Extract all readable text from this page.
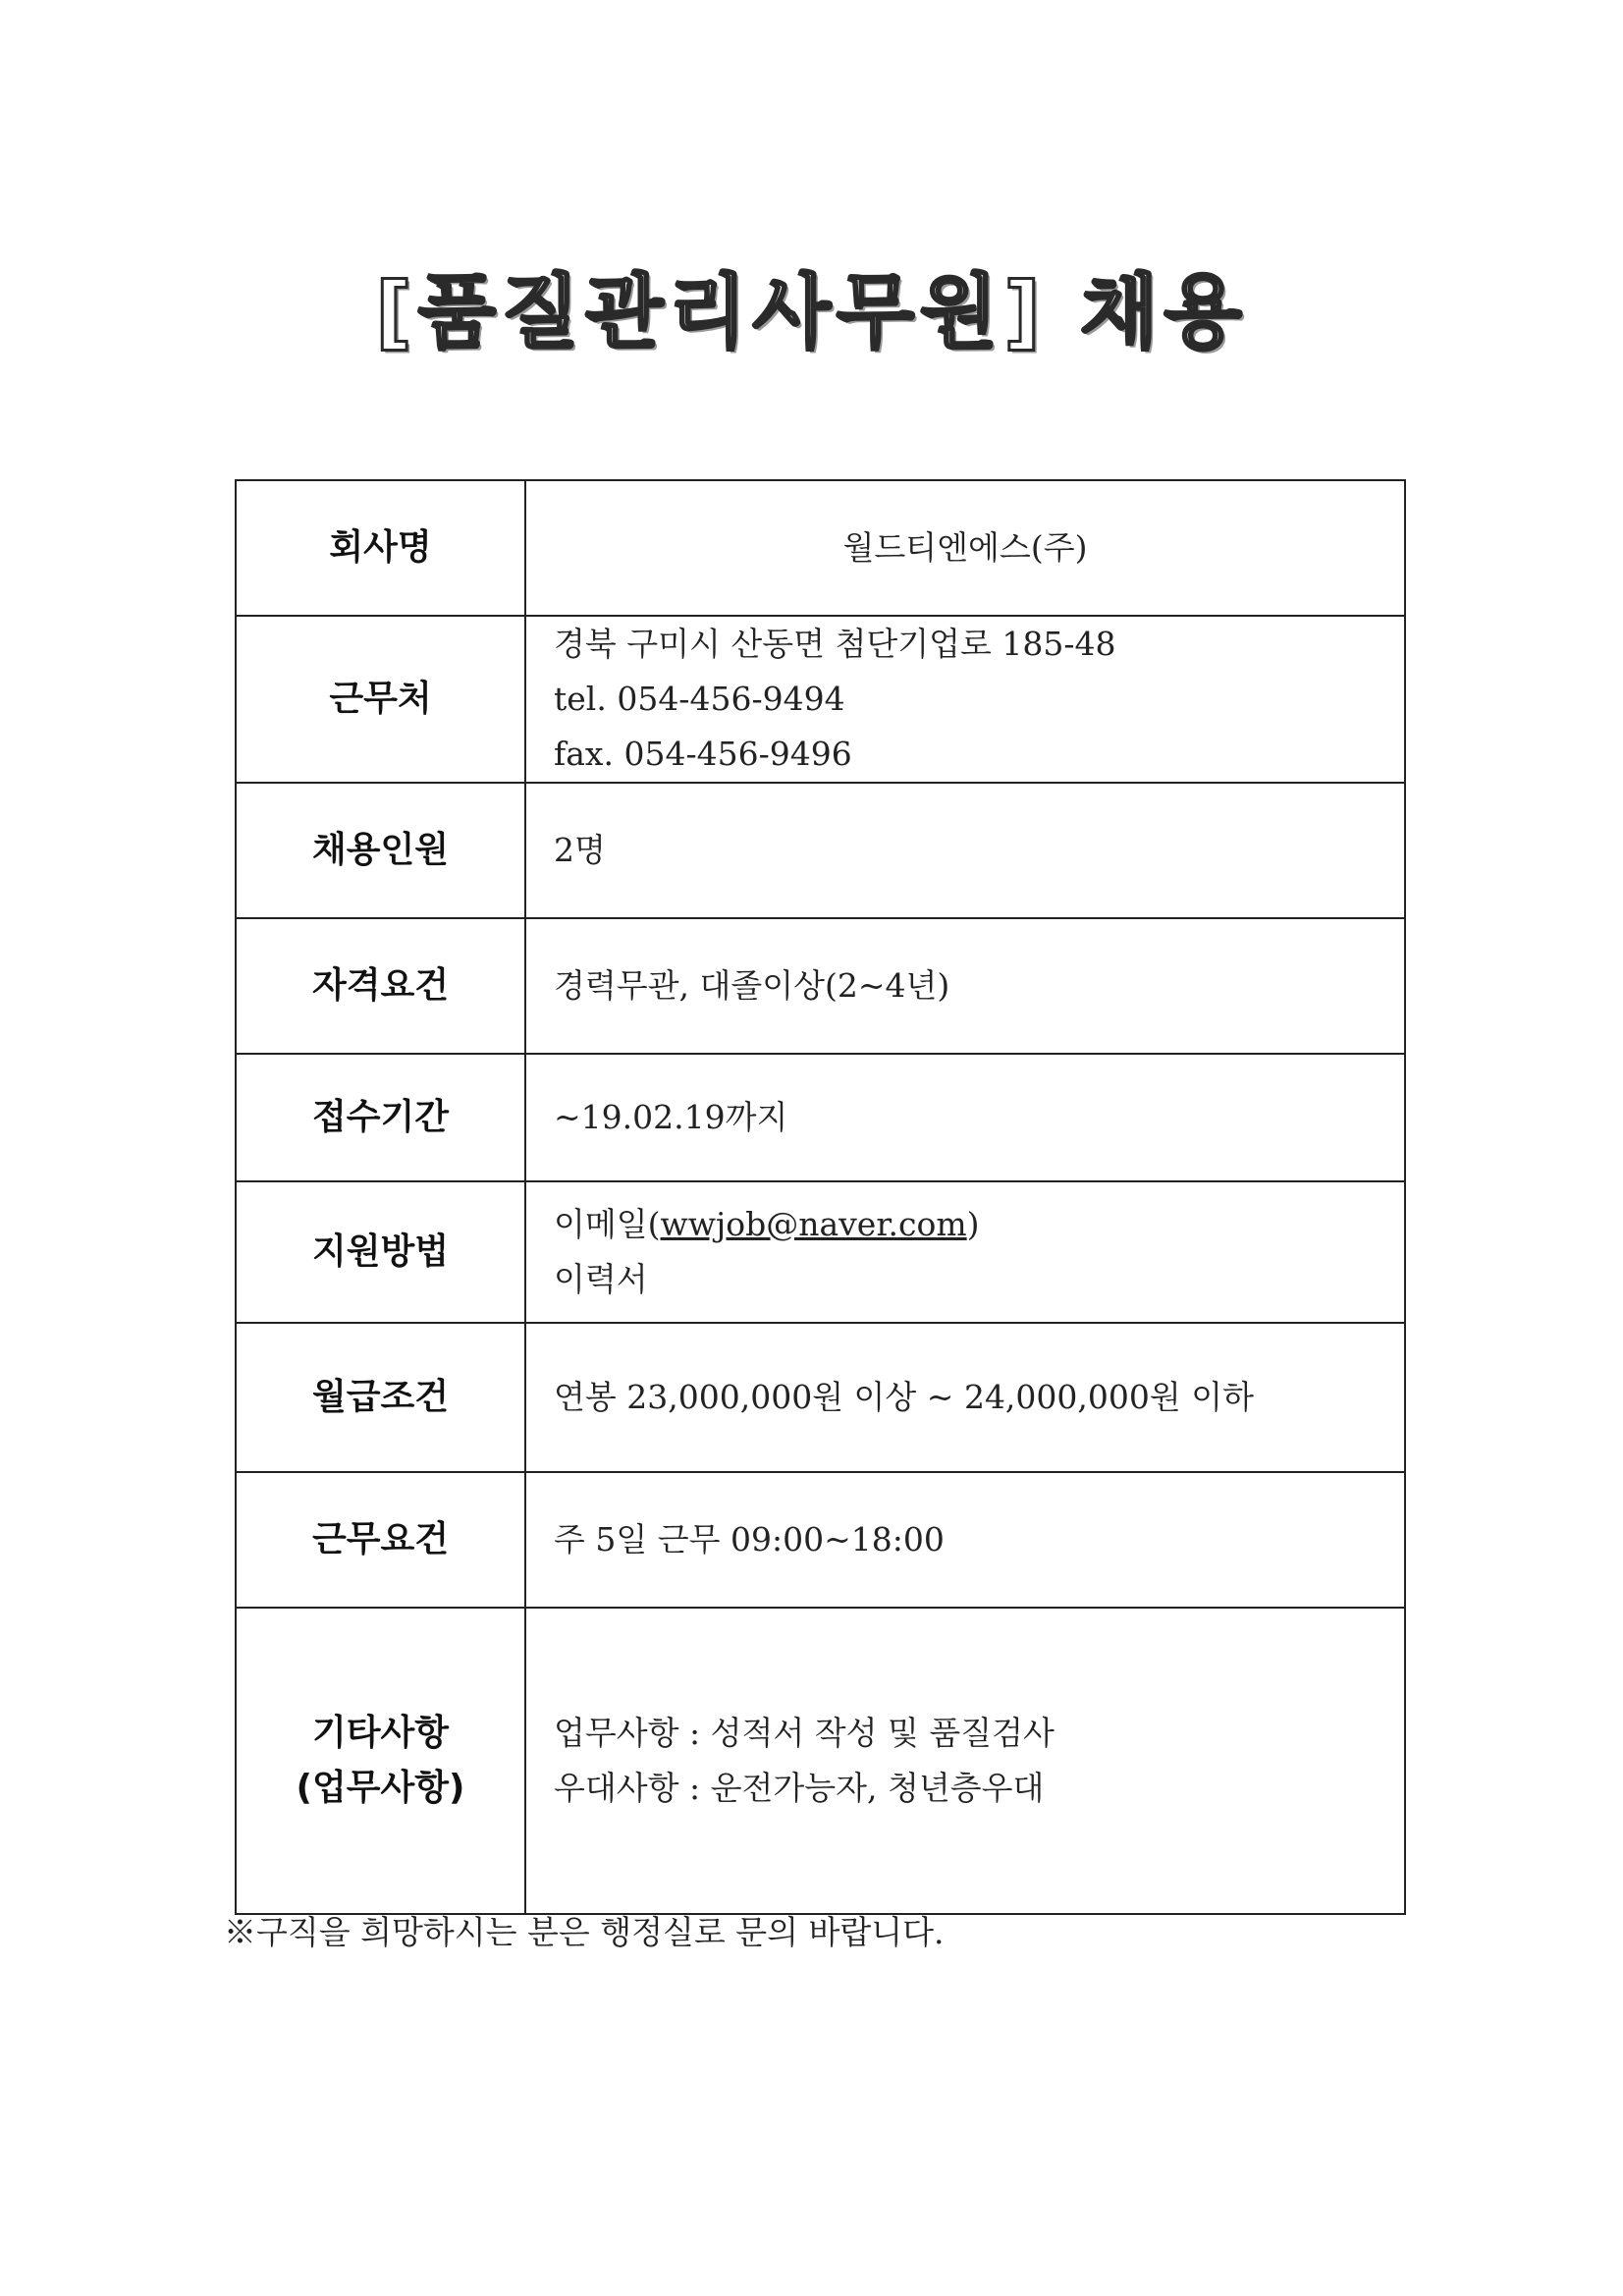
[품질관리사무원] 채용
회사명	월드티엔에스(주)

근무처	경북 구미시 산동면 첨단기업로 185-48
tel. 054-456-9494
fax. 054-456-9496

채용인원	2명

자격요건	경력무관, 대졸이상(2~4년)

접수기간	~19.02.19까지

지원방법	이메일(wwjob@naver.com)
이력서

월급조건	연봉 23,000,000원 이상 ~ 24,000,000원 이하

근무요건	주 5일 근무 09:00~18:00

기타사항
(업무사항)	업무사항 : 성적서 작성 및 품질검사
우대사항 : 운전가능자, 청년층우대
※구직을 희망하시는 분은 행정실로 문의 바랍니다.
